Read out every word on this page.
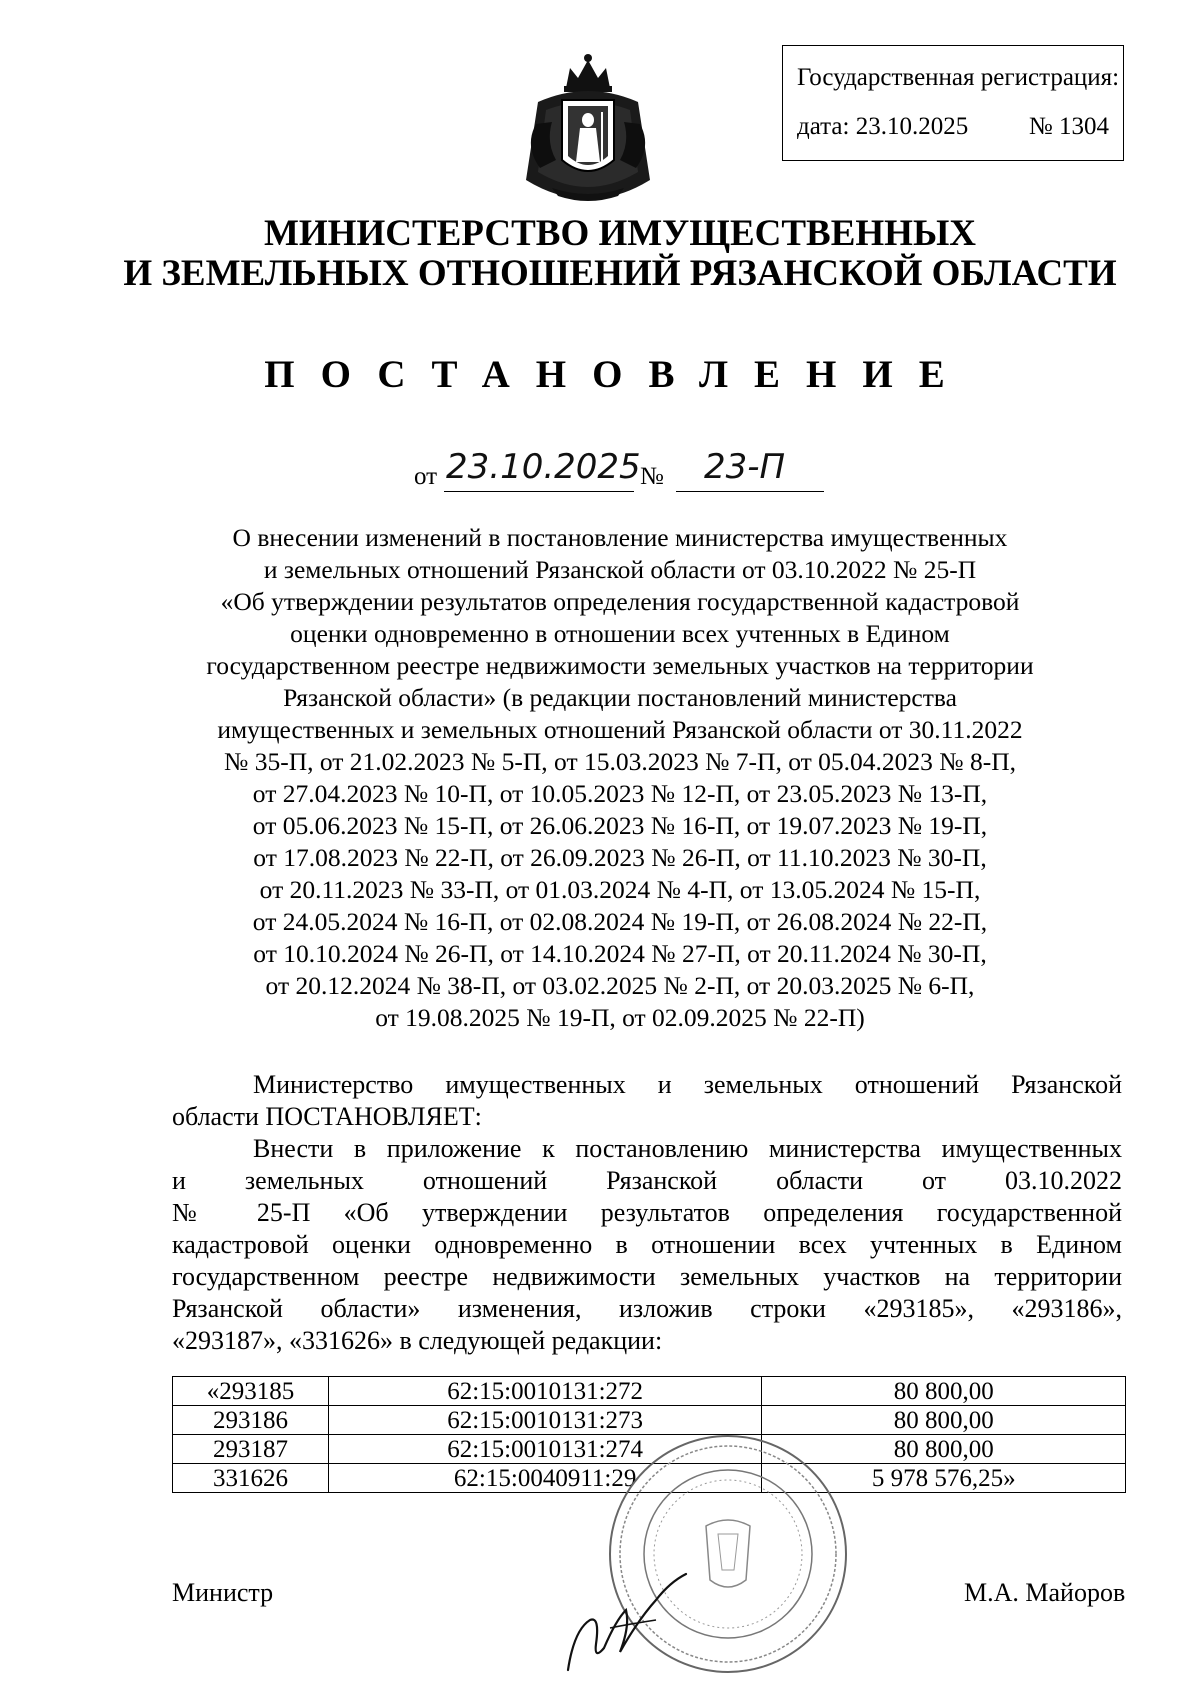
Государственная регистрация:
дата: 23.10.2025 № 1304
МИНИСТЕРСТВО ИМУЩЕСТВЕННЫХ
И ЗЕМЕЛЬНЫХ ОТНОШЕНИЙ РЯЗАНСКОЙ ОБЛАСТИ
ПОСТАНОВЛЕНИЕ
от 23.10.2025 № 23-П
О внесении изменений в постановление министерства имущественных
и земельных отношений Рязанской области от 03.10.2022 № 25-П
«Об утверждении результатов определения государственной кадастровой
оценки одновременно в отношении всех учтенных в Едином
государственном реестре недвижимости земельных участков на территории
Рязанской области» (в редакции постановлений министерства
имущественных и земельных отношений Рязанской области от 30.11.2022
№ 35-П, от 21.02.2023 № 5-П, от 15.03.2023 № 7-П, от 05.04.2023 № 8-П,
от 27.04.2023 № 10-П, от 10.05.2023 № 12-П, от 23.05.2023 № 13-П,
от 05.06.2023 № 15-П, от 26.06.2023 № 16-П, от 19.07.2023 № 19-П,
от 17.08.2023 № 22-П, от 26.09.2023 № 26-П, от 11.10.2023 № 30-П,
от 20.11.2023 № 33-П, от 01.03.2024 № 4-П, от 13.05.2024 № 15-П,
от 24.05.2024 № 16-П, от 02.08.2024 № 19-П, от 26.08.2024 № 22-П,
от 10.10.2024 № 26-П, от 14.10.2024 № 27-П, от 20.11.2024 № 30-П,
от 20.12.2024 № 38-П, от 03.02.2025 № 2-П, от 20.03.2025 № 6-П,
от 19.08.2025 № 19-П, от 02.09.2025 № 22-П)
Министерство имущественных и земельных отношений Рязанской
области ПОСТАНОВЛЯЕТ:
Внести в приложение к постановлению министерства имущественных
и земельных отношений Рязанской области от 03.10.2022
№ 25-П «Об утверждении результатов определения государственной
кадастровой оценки одновременно в отношении всех учтенных в Едином
государственном реестре недвижимости земельных участков на территории
Рязанской области» изменения, изложив строки «293185», «293186»,
«293187», «331626» в следующей редакции:
«293185	62:15:0010131:272	80 800,00
293186	62:15:0010131:273	80 800,00
293187	62:15:0010131:274	80 800,00
331626	62:15:0040911:29	5 978 576,25»
Министр	М.А. Майоров
